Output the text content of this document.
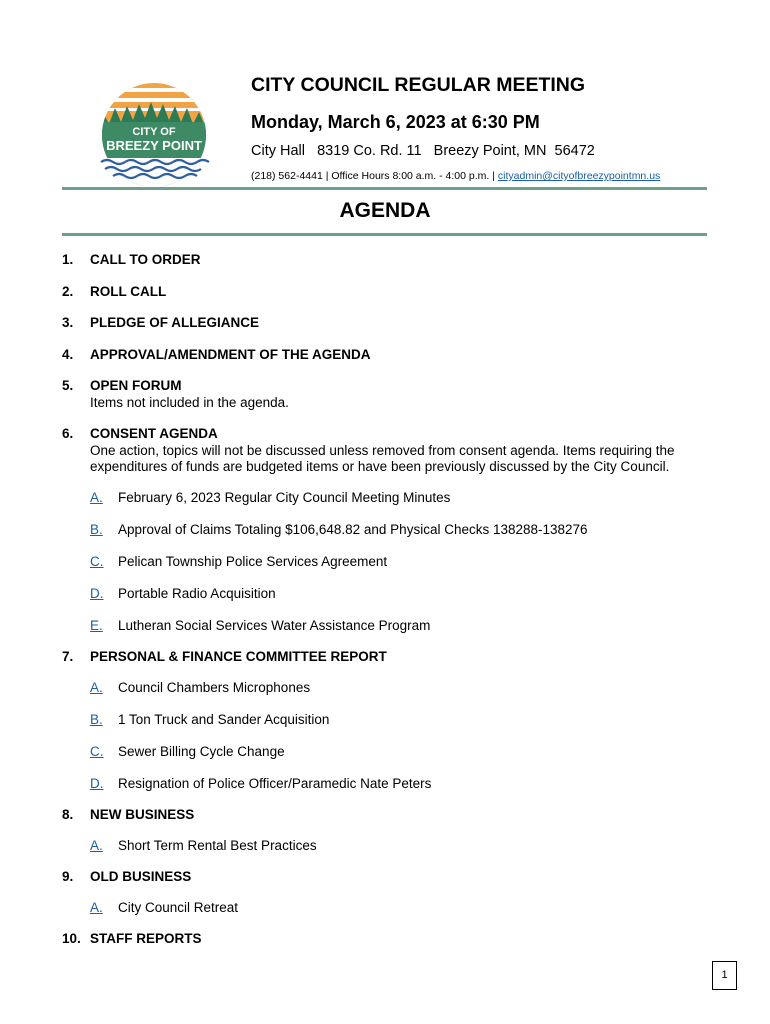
CITY OF
BREEZY POINT
CITY COUNCIL REGULAR MEETING
Monday, March 6, 2023 at 6:30 PM
City Hall   8319 Co. Rd. 11   Breezy Point, MN  56472
(218) 562-4441 | Office Hours 8:00 a.m. - 4:00 p.m. | cityadmin@cityofbreezypointmn.us
AGENDA
1. CALL TO ORDER
2. ROLL CALL
3. PLEDGE OF ALLEGIANCE
4. APPROVAL/AMENDMENT OF THE AGENDA
5. OPEN FORUM
Items not included in the agenda.
6. CONSENT AGENDA
One action, topics will not be discussed unless removed from consent agenda. Items requiring the expenditures of funds are budgeted items or have been previously discussed by the City Council.
A. February 6, 2023 Regular City Council Meeting Minutes
B. Approval of Claims Totaling $106,648.82 and Physical Checks 138288-138276
C. Pelican Township Police Services Agreement
D. Portable Radio Acquisition
E. Lutheran Social Services Water Assistance Program
7. PERSONAL & FINANCE COMMITTEE REPORT
A. Council Chambers Microphones
B. 1 Ton Truck and Sander Acquisition
C. Sewer Billing Cycle Change
D. Resignation of Police Officer/Paramedic Nate Peters
8. NEW BUSINESS
A. Short Term Rental Best Practices
9. OLD BUSINESS
A. City Council Retreat
10. STAFF REPORTS
1
